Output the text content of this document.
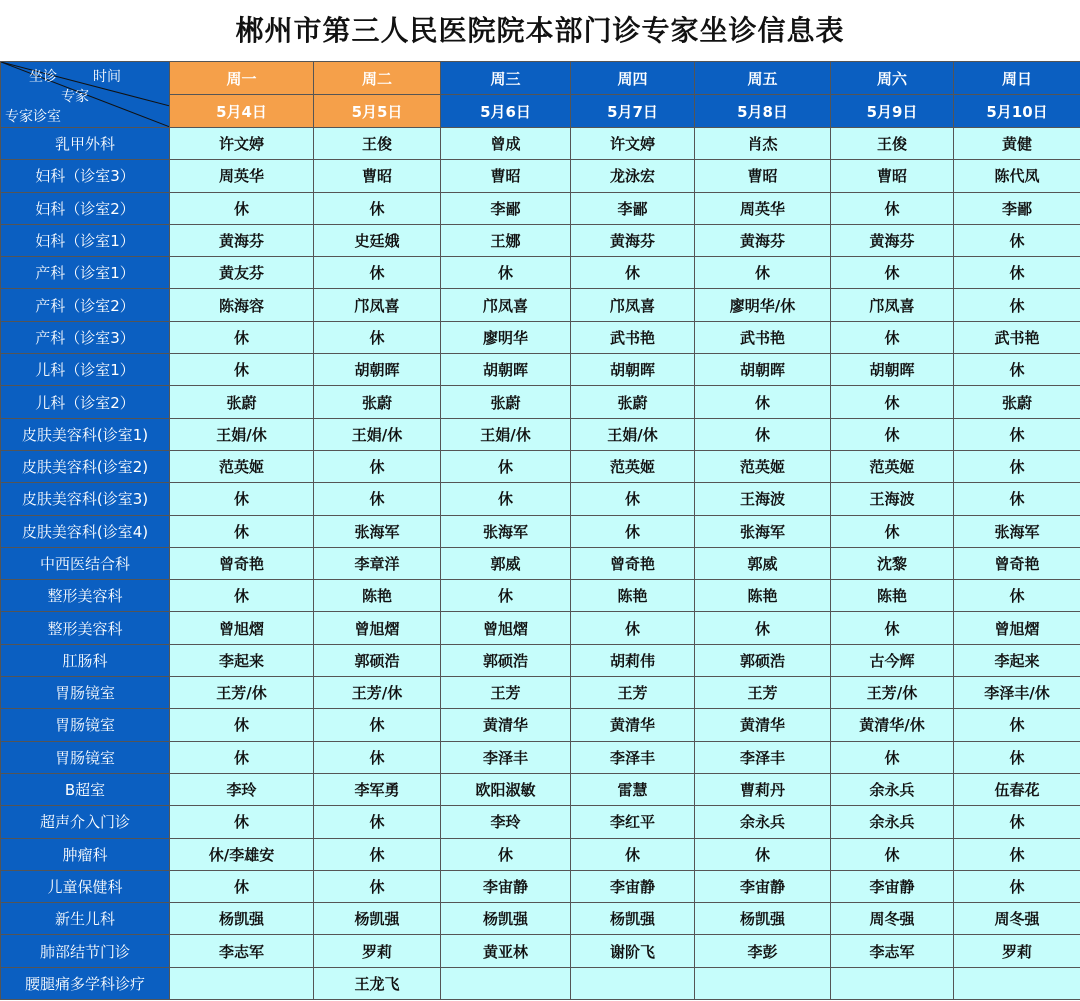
郴州市第三人民医院院本部门诊专家坐诊信息表
坐诊 时间
专家
专家诊室	周一	周二	周三	周四	周五	周六	周日
	5月4日	5月5日	5月6日	5月7日	5月8日	5月9日	5月10日
乳甲外科	许文婷	王俊	曾成	许文婷	肖杰	王俊	黄健
妇科（诊室3）	周英华	曹昭	曹昭	龙泳宏	曹昭	曹昭	陈代凤
妇科（诊室2）	休	休	李鄙	李鄙	周英华	休	李鄙
妇科（诊室1）	黄海芬	史廷娥	王娜	黄海芬	黄海芬	黄海芬	休
产科（诊室1）	黄友芬	休	休	休	休	休	休
产科（诊室2）	陈海容	邝凤喜	邝凤喜	邝凤喜	廖明华/休	邝凤喜	休
产科（诊室3）	休	休	廖明华	武书艳	武书艳	休	武书艳
儿科（诊室1）	休	胡朝晖	胡朝晖	胡朝晖	胡朝晖	胡朝晖	休
儿科（诊室2）	张蔚	张蔚	张蔚	张蔚	休	休	张蔚
皮肤美容科(诊室1)	王娟/休	王娟/休	王娟/休	王娟/休	休	休	休
皮肤美容科(诊室2)	范英姬	休	休	范英姬	范英姬	范英姬	休
皮肤美容科(诊室3)	休	休	休	休	王海波	王海波	休
皮肤美容科(诊室4)	休	张海军	张海军	休	张海军	休	张海军
中西医结合科	曾奇艳	李章洋	郭威	曾奇艳	郭威	沈黎	曾奇艳
整形美容科	休	陈艳	休	陈艳	陈艳	陈艳	休
整形美容科	曾旭熠	曾旭熠	曾旭熠	休	休	休	曾旭熠
肛肠科	李起来	郭硕浩	郭硕浩	胡莉伟	郭硕浩	古今辉	李起来
胃肠镜室	王芳/休	王芳/休	王芳	王芳	王芳	王芳/休	李泽丰/休
胃肠镜室	休	休	黄清华	黄清华	黄清华	黄清华/休	休
胃肠镜室	休	休	李泽丰	李泽丰	李泽丰	休	休
B超室	李玲	李军勇	欧阳淑敏	雷慧	曹莉丹	余永兵	伍春花
超声介入门诊	休	休	李玲	李红平	余永兵	余永兵	休
肿瘤科	休/李雄安	休	休	休	休	休	休
儿童保健科	休	休	李宙静	李宙静	李宙静	李宙静	休
新生儿科	杨凯强	杨凯强	杨凯强	杨凯强	杨凯强	周冬强	周冬强
肺部结节门诊	李志军	罗莉	黄亚林	谢阶飞	李彭	李志军	罗莉
腰腿痛多学科诊疗		王龙飞					
